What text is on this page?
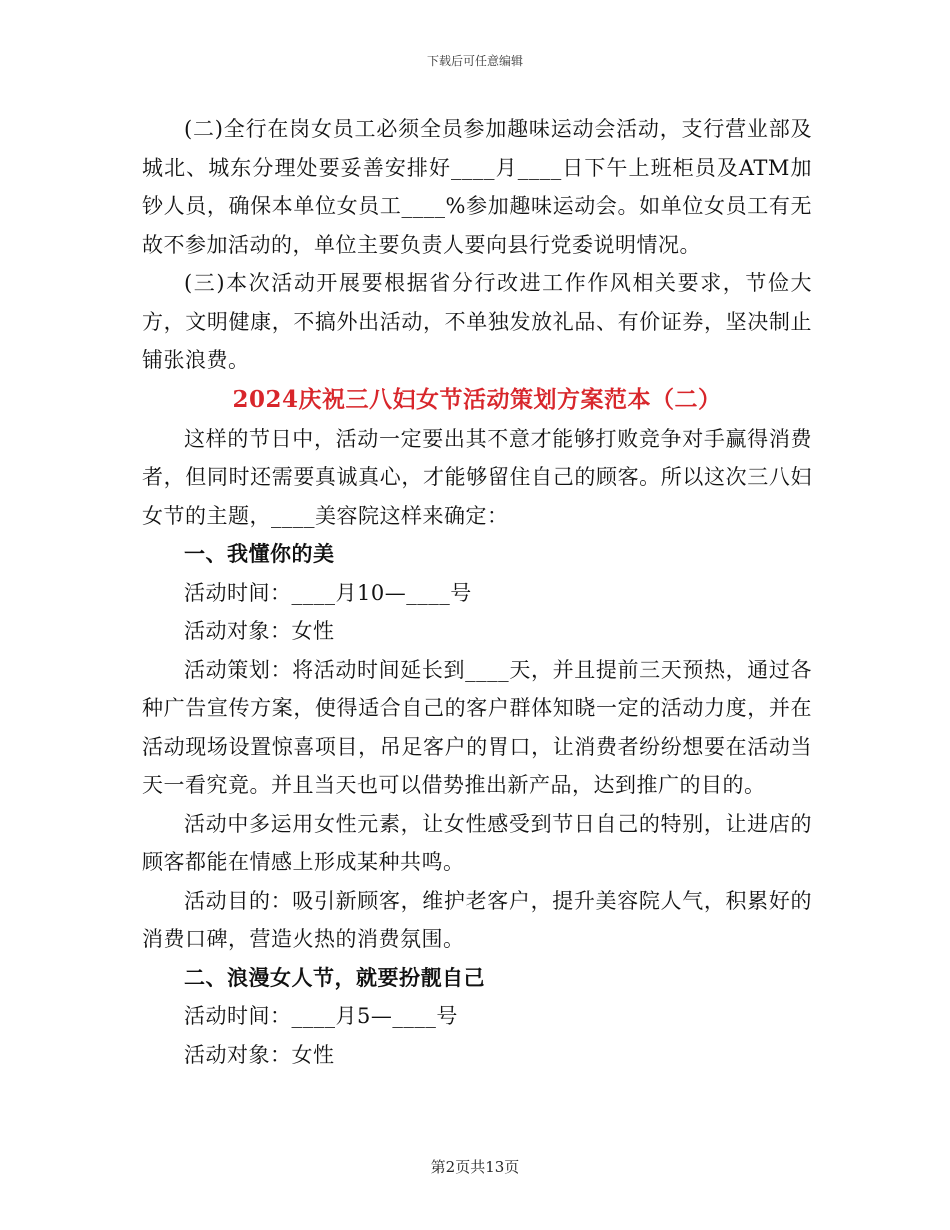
下载后可任意编辑

(二)全行在岗女员工必须全员参加趣味运动会活动，支行营业部及城北、城东分理处要妥善安排好____月____日下午上班柜员及ATM加钞人员，确保本单位女员工____%参加趣味运动会。如单位女员工有无故不参加活动的，单位主要负责人要向县行党委说明情况。

(三)本次活动开展要根据省分行改进工作作风相关要求，节俭大方，文明健康，不搞外出活动，不单独发放礼品、有价证券，坚决制止铺张浪费。

2024庆祝三八妇女节活动策划方案范本（二）

这样的节日中，活动一定要出其不意才能够打败竞争对手赢得消费者，但同时还需要真诚真心，才能够留住自己的顾客。所以这次三八妇女节的主题，____美容院这样来确定：

一、我懂你的美

活动时间：____月10—____号

活动对象：女性

活动策划：将活动时间延长到____天，并且提前三天预热，通过各种广告宣传方案，使得适合自己的客户群体知晓一定的活动力度，并在活动现场设置惊喜项目，吊足客户的胃口，让消费者纷纷想要在活动当天一看究竟。并且当天也可以借势推出新产品，达到推广的目的。

活动中多运用女性元素，让女性感受到节日自己的特别，让进店的顾客都能在情感上形成某种共鸣。

活动目的：吸引新顾客，维护老客户，提升美容院人气，积累好的消费口碑，营造火热的消费氛围。

二、浪漫女人节，就要扮靓自己

活动时间：____月5—____号

活动对象：女性

第2页共13页
